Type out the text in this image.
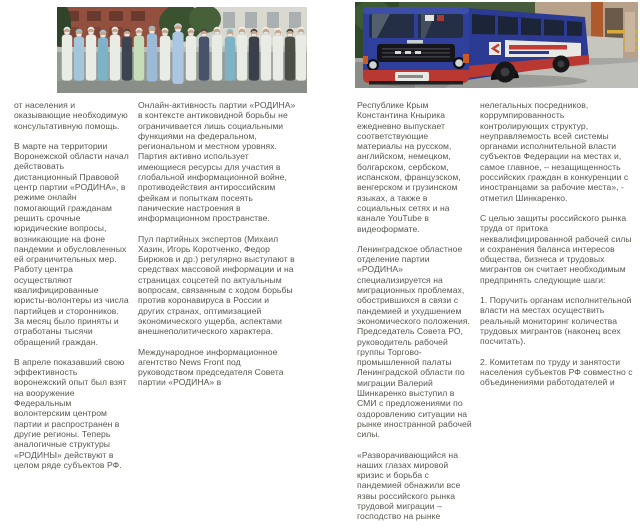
от населения и оказывающие необходимую консультативную помощь.

В марте на территории Воронежской области начал действовать дистанционный Правовой центр партии «РОДИНА», в режиме онлайн помогающий гражданам решить срочные юридические вопросы, возникающие на фоне пандемии и обусловленных ей ограничительных мер. Работу центра осуществляют квалифицированные юристы-волонтеры из числа партийцев и сторонников. За месяц было приняты и отработаны тысячи обращений граждан.

В апреле показавший свою эффективность воронежский опыт был взят на вооружение Федеральным волонтерским центром партии и распространен в другие регионы. Теперь аналогичные структуры «РОДИНЫ» действуют в целом ряде субъектов РФ.

Онлайн-активность партии «РОДИНА» в контексте антиковидной борьбы не ограничивается лишь социальными функциями на федеральном, региональном и местном уровнях. Партия активно использует имеющиеся ресурсы для участия в глобальной информационной войне, противодействия антироссийским фейкам и попыткам посеять панические настроения в информационном пространстве.

Пул партийных экспертов (Михаил Хазин, Игорь Коротченко, Федор Бирюков и др.) регулярно выступают в средствах массовой информации и на страницах соцсетей по актуальным вопросам, связанным с ходом борьбы против коронавируса в России и других странах, оптимизацией экономического ущерба, аспектами внешнеполитического характера.

Международное информационное агентство News Front под руководством председателя Совета партии «РОДИНА» в

Республике Крым Константина Кнырика ежедневно выпускает соответствующие материалы на русском, английском, немецком, болгарском, сербском, испанском, французском, венгерском и грузинском языках, а также в социальных сетях и на канале YouTube в видеоформате.

Ленинградское областное отделение партии «РОДИНА» специализируется на миграционных проблемах, обострившихся в связи с пандемией и ухудшением экономического положения. Председатель Совета РО, руководитель рабочей группы Торгово-промышленной палаты Ленинградской области по миграции Валерий Шинкаренко выступил в СМИ с предложениями по оздоровлению ситуации на рынке иностранной рабочей силы.

«Разворачивающийся на наших глазах мировой кризис и борьба с пандемией обнажили все язвы российского рынка трудовой миграции – господство на рынке

нелегальных посредников, коррумпированность контролирующих структур, неуправляемость всей системы органами исполнительной власти субъектов Федерации на местах и, самое главное, – незащищенность российских граждан в конкуренции с иностранцами за рабочие места», - отметил Шинкаренко.

С целью защиты российского рынка труда от притока неквалифицированной рабочей силы и сохранения баланса интересов общества, бизнеса и трудовых мигрантов он считает необходимым предпринять следующие шаги:

1. Поручить органам исполнительной власти на местах осуществить реальный мониторинг количества трудовых мигрантов (наконец всех посчитать).

2. Комитетам по труду и занятости населения субъектов РФ совместно с объединениями работодателей и
